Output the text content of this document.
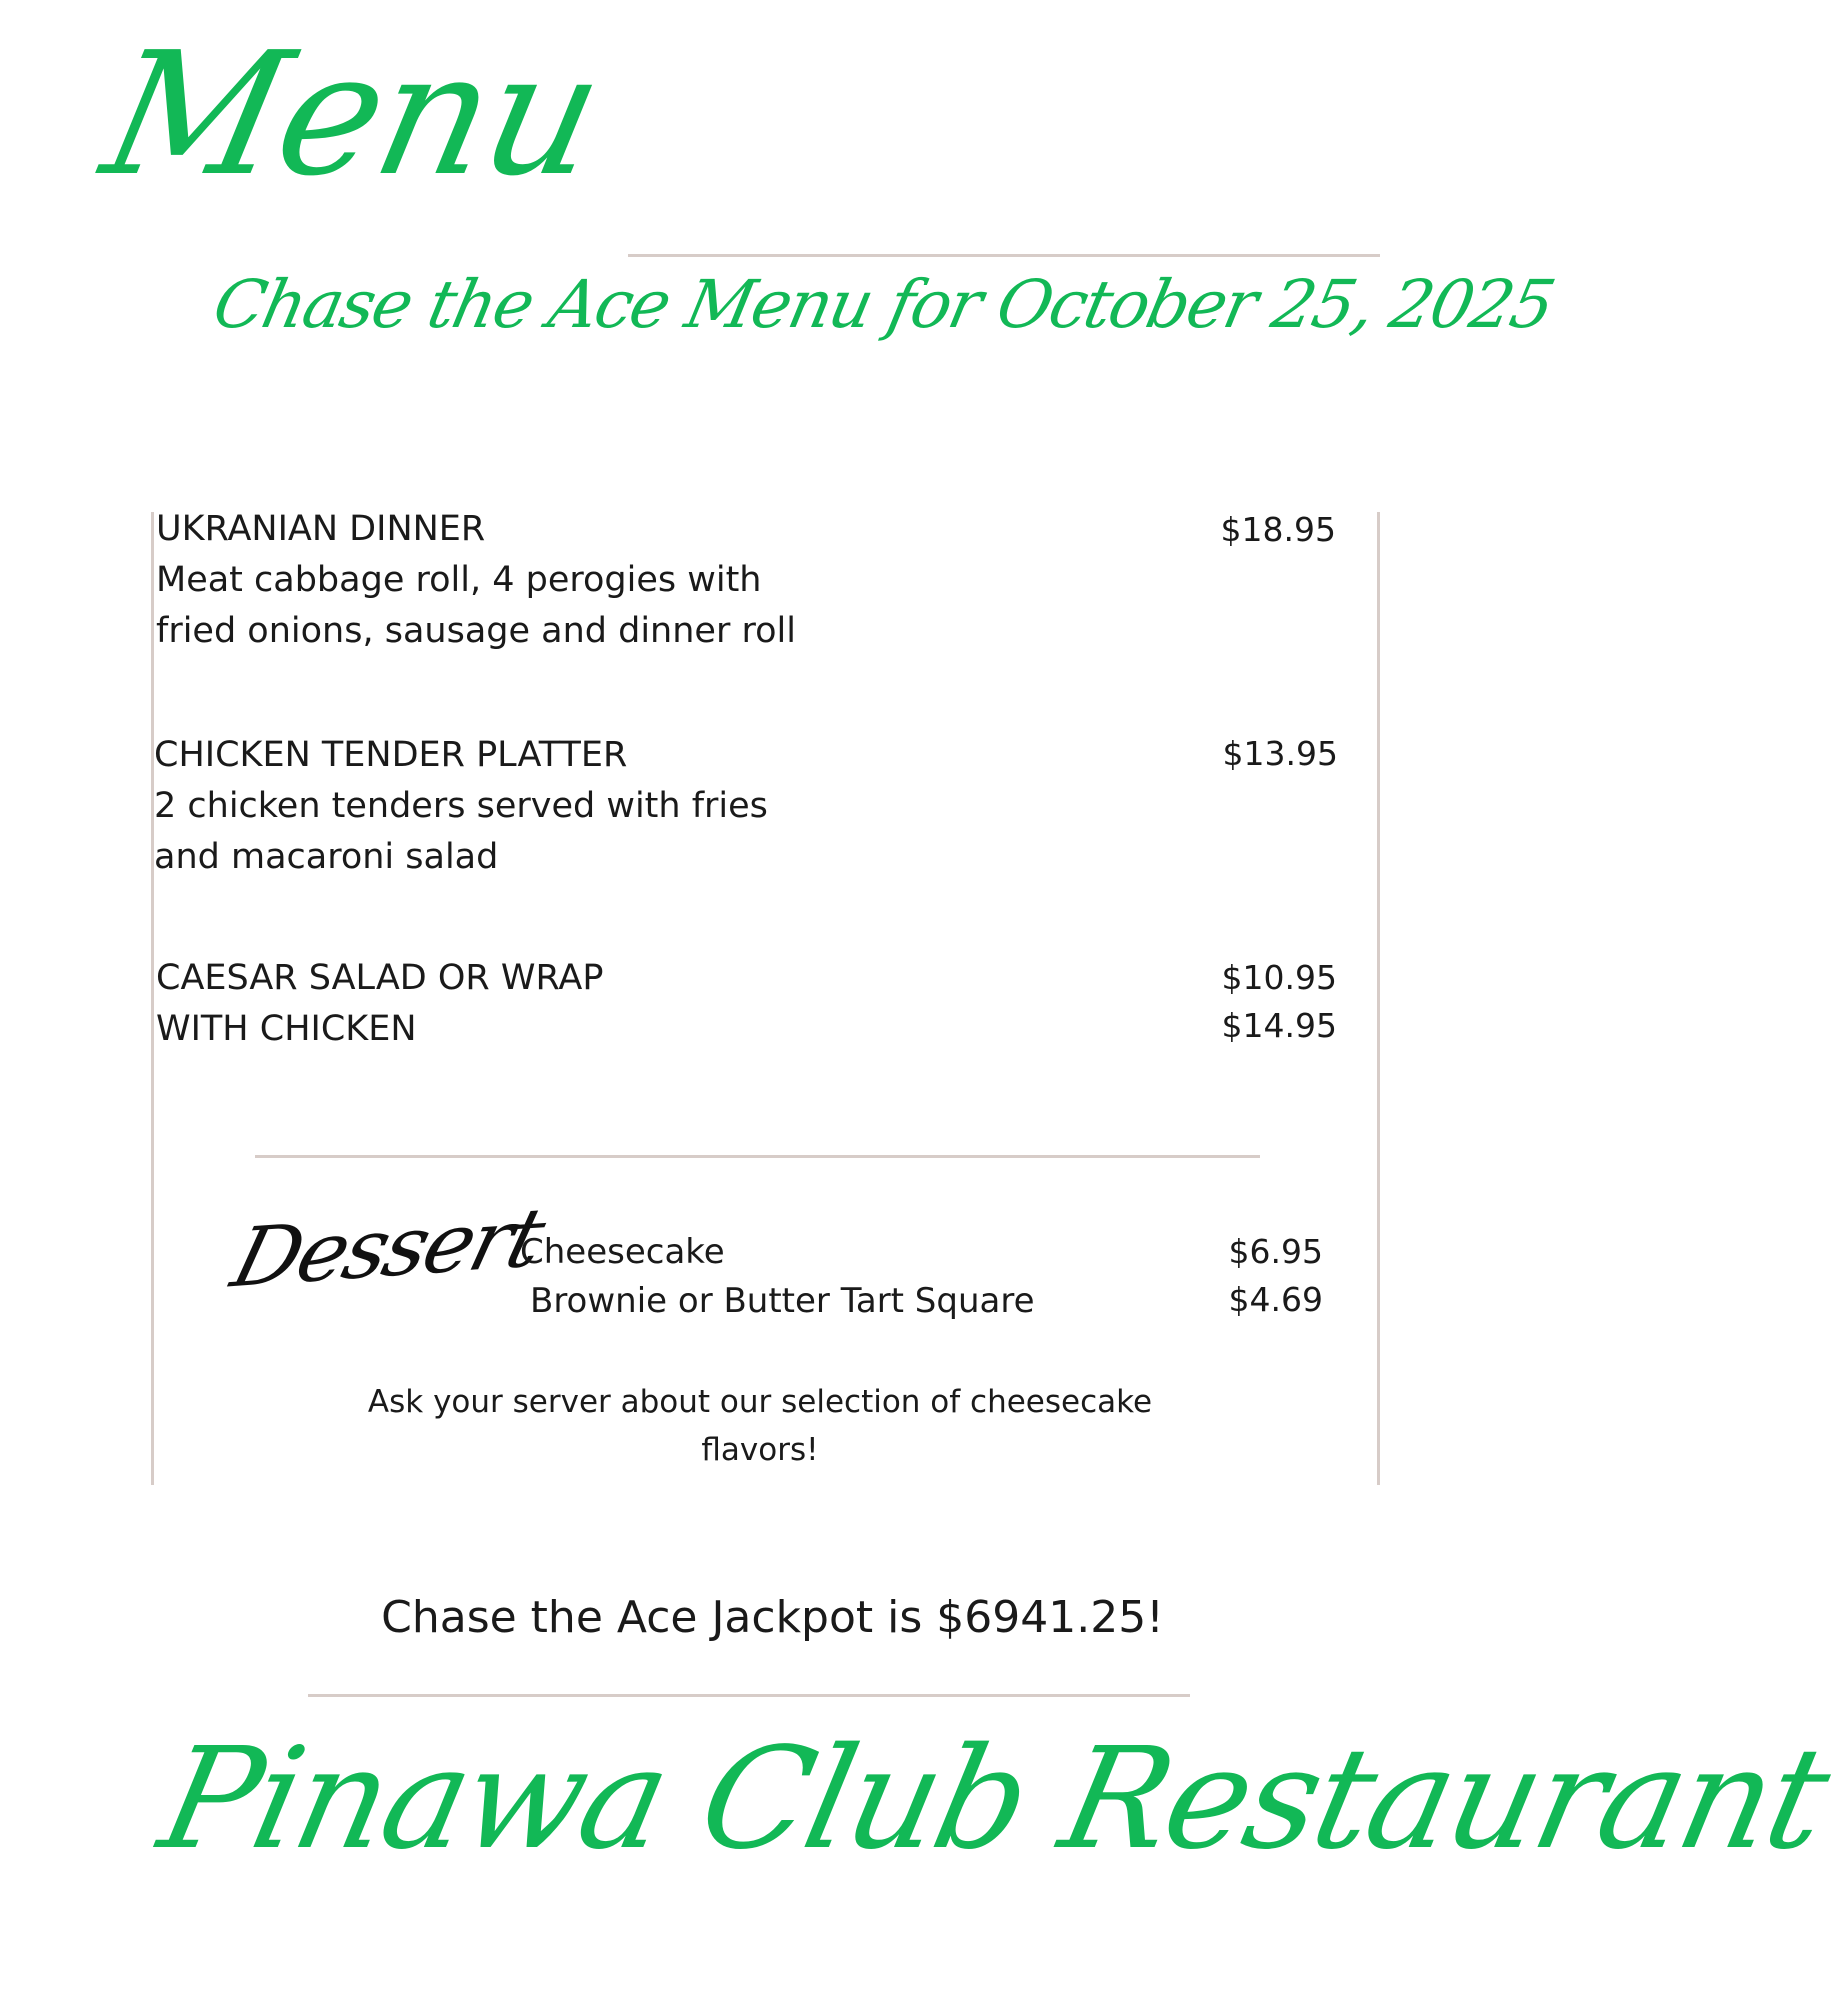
Menu
Chase the Ace Menu for October 25, 2025
UKRANIAN DINNER
Meat cabbage roll, 4 perogies with
fried onions, sausage and dinner roll
$18.95
CHICKEN TENDER PLATTER
2 chicken tenders served with fries
and macaroni salad
$13.95
CAESAR SALAD OR WRAP
WITH CHICKEN
$10.95
$14.95
Dessert
Cheesecake
Brownie or Butter Tart Square
$6.95
$4.69
Ask your server about our selection of cheesecake
flavors!
Chase the Ace Jackpot is $6941.25!
Pinawa Club Restaurant
